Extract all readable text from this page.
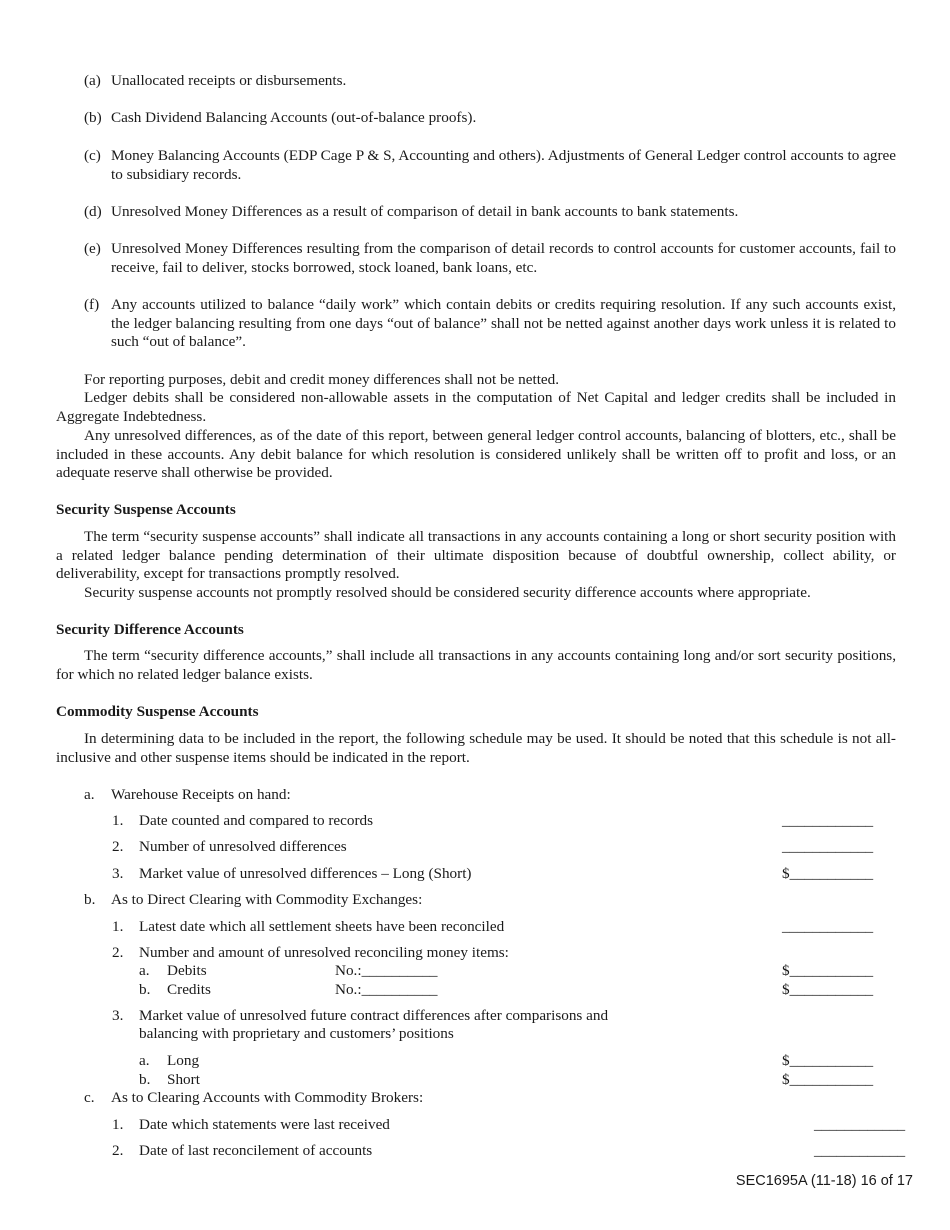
(a) Unallocated receipts or disbursements.
(b) Cash Dividend Balancing Accounts (out-of-balance proofs).
(c) Money Balancing Accounts (EDP Cage P & S, Accounting and others). Adjustments of General Ledger control accounts to agree to subsidiary records.
(d) Unresolved Money Differences as a result of comparison of detail in bank accounts to bank statements.
(e) Unresolved Money Differences resulting from the comparison of detail records to control accounts for customer accounts, fail to receive, fail to deliver, stocks borrowed, stock loaned, bank loans, etc.
(f) Any accounts utilized to balance “daily work” which contain debits or credits requiring resolution. If any such accounts exist, the ledger balancing resulting from one days “out of balance” shall not be netted against another days work unless it is related to such “out of balance”.
For reporting purposes, debit and credit money differences shall not be netted.
Ledger debits shall be considered non-allowable assets in the computation of Net Capital and ledger credits shall be included in Aggregate Indebtedness.
Any unresolved differences, as of the date of this report, between general ledger control accounts, balancing of blotters, etc., shall be included in these accounts. Any debit balance for which resolution is considered unlikely shall be written off to profit and loss, or an adequate reserve shall otherwise be provided.
Security Suspense Accounts
The term “security suspense accounts” shall indicate all transactions in any accounts containing a long or short security position with a related ledger balance pending determination of their ultimate disposition because of doubtful ownership, collect ability, or deliverability, except for transactions promptly resolved.
Security suspense accounts not promptly resolved should be considered security difference accounts where appropriate.
Security Difference Accounts
The term “security difference accounts,” shall include all transactions in any accounts containing long and/or sort security positions, for which no related ledger balance exists.
Commodity Suspense Accounts
In determining data to be included in the report, the following schedule may be used. It should be noted that this schedule is not all-inclusive and other suspense items should be indicated in the report.
a. Warehouse Receipts on hand:
1. Date counted and compared to records	____________
2. Number of unresolved differences	____________
3. Market value of unresolved differences – Long (Short)	$___________
b. As to Direct Clearing with Commodity Exchanges:
1. Latest date which all settlement sheets have been reconciled	____________
2. Number and amount of unresolved reconciling money items:
a. Debits	No.:__________	$___________
b. Credits	No.:__________	$___________
3. Market value of unresolved future contract differences after comparisons and
balancing with proprietary and customers’ positions
a. Long	$___________
b. Short	$___________
c. As to Clearing Accounts with Commodity Brokers:
1. Date which statements were last received	____________
2. Date of last reconcilement of accounts	____________
SEC1695A (11-18) 16 of 17
